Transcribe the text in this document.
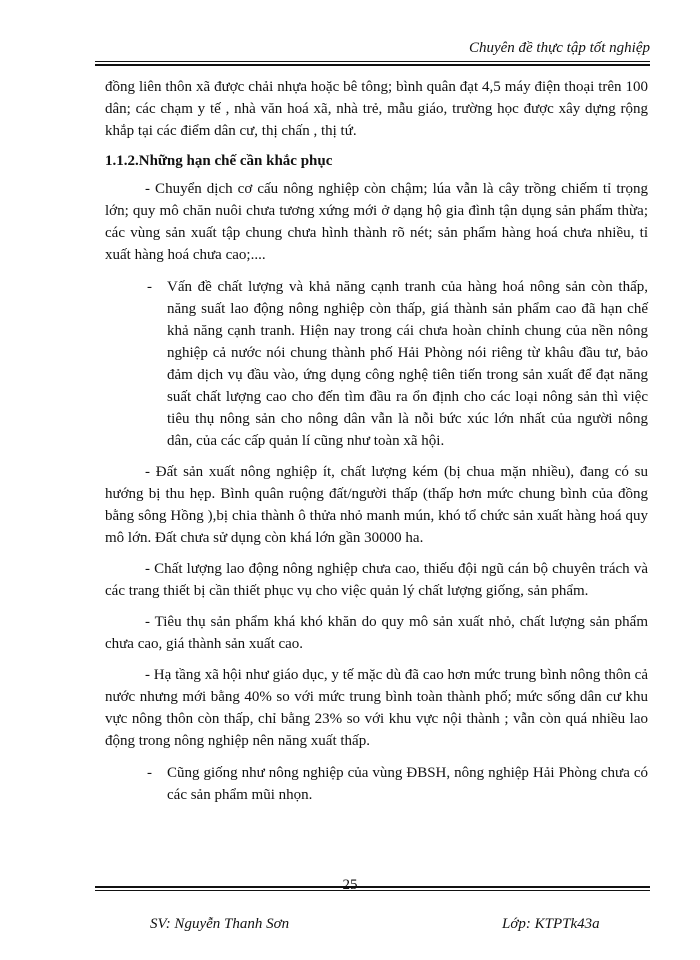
Chuyên đề thực tập tốt nghiệp

đồng liên thôn xã được chải nhựa hoặc bê tông; bình quân đạt 4,5 máy điện thoại trên 100 dân; các chạm y tế , nhà văn hoá xã, nhà trẻ, mẫu giáo, trường học được xây dựng rộng khắp tại các điểm dân cư, thị chấn , thị tứ.

1.1.2.Những hạn chế cần khắc phục

- Chuyển dịch cơ cấu nông nghiệp còn chậm; lúa vẫn là cây trồng chiếm tỉ trọng lớn; quy mô chăn nuôi chưa tương xứng mới ở dạng hộ gia đình tận dụng sản phẩm thừa; các vùng sản xuất tập chung chưa hình thành rõ nét; sản phẩm hàng hoá chưa nhiều, tỉ xuất hàng hoá chưa cao;....

- Vấn đề chất lượng và khả năng cạnh tranh của hàng hoá nông sản còn thấp, năng suất lao động nông nghiệp còn thấp, giá thành sản phẩm cao đã hạn chế khả năng cạnh tranh. Hiện nay trong cái chưa hoàn chỉnh chung của nền nông nghiệp cả nước nói chung thành phố Hải Phòng nói riêng từ khâu đầu tư, bảo đảm dịch vụ đầu vào, ứng dụng công nghệ tiên tiến trong sản xuất để đạt năng suất chất lượng cao cho đến tìm đầu ra ổn định cho các loại nông sản thì việc tiêu thụ nông sản cho nông dân vẫn là nỗi bức xúc lớn nhất của người nông dân, của các cấp quản lí cũng như toàn xã hội.

- Đất sản xuất nông nghiệp ít, chất lượng kém (bị chua mặn nhiều), đang có su hướng bị thu hẹp. Bình quân ruộng đất/người thấp (thấp hơn mức chung bình của đồng bằng sông Hồng ),bị chia thành ô thửa nhỏ manh mún, khó tổ chức sản xuất hàng hoá quy mô lớn. Đất chưa sử dụng còn khá lớn gần 30000 ha.

- Chất lượng lao động nông nghiệp chưa cao, thiếu đội ngũ cán bộ chuyên trách và các trang thiết bị cần thiết phục vụ cho việc quản lý chất lượng giống, sản phẩm.

- Tiêu thụ sản phẩm khá khó khăn do quy mô sản xuất nhỏ, chất lượng sản phẩm chưa cao, giá thành sản xuất cao.

- Hạ tầng xã hội như giáo dục, y tế mặc dù đã cao hơn mức trung bình nông thôn cả nước nhưng mới bằng 40% so với mức trung bình toàn thành phố; mức sống dân cư khu vực nông thôn còn thấp, chỉ bằng 23% so với khu vực nội thành ; vẫn còn quá nhiều lao động trong nông nghiệp nên năng xuất thấp.

- Cũng giống như nông nghiệp của vùng ĐBSH, nông nghiệp Hải Phòng chưa có các sản phẩm mũi nhọn.
25
SV: Nguyễn Thanh Sơn	Lớp: KTPTk43a
